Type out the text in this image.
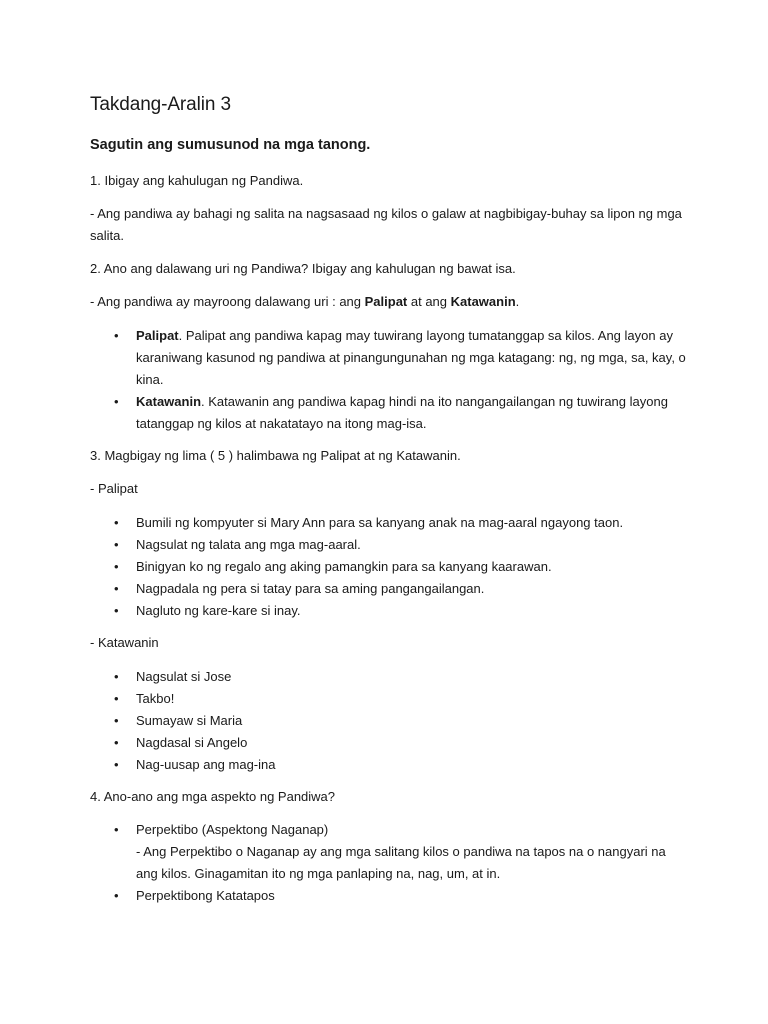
Takdang-Aralin 3
Sagutin ang sumusunod na mga tanong.

1. Ibigay ang kahulugan ng Pandiwa.

- Ang pandiwa ay bahagi ng salita na nagsasaad ng kilos o galaw at nagbibigay-buhay sa lipon ng mga salita.

2. Ano ang dalawang uri ng Pandiwa? Ibigay ang kahulugan ng bawat isa.

- Ang pandiwa ay mayroong dalawang uri : ang Palipat at ang Katawanin.

• Palipat. Palipat ang pandiwa kapag may tuwirang layong tumatanggap sa kilos. Ang layon ay karaniwang kasunod ng pandiwa at pinangungunahan ng mga katagang: ng, ng mga, sa, kay, o kina.
• Katawanin. Katawanin ang pandiwa kapag hindi na ito nangangailangan ng tuwirang layong tatanggap ng kilos at nakatatayo na itong mag-isa.

3. Magbigay ng lima ( 5 ) halimbawa ng Palipat at ng Katawanin.

- Palipat

• Bumili ng kompyuter si Mary Ann para sa kanyang anak na mag-aaral ngayong taon.
• Nagsulat ng talata ang mga mag-aaral.
• Binigyan ko ng regalo ang aking pamangkin para sa kanyang kaarawan.
• Nagpadala ng pera si tatay para sa aming pangangailangan.
• Nagluto ng kare-kare si inay.

- Katawanin

• Nagsulat si Jose
• Takbo!
• Sumayaw si Maria
• Nagdasal si Angelo
• Nag-uusap ang mag-ina

4. Ano-ano ang mga aspekto ng Pandiwa?

• Perpektibo (Aspektong Naganap)
- Ang Perpektibo o Naganap ay ang mga salitang kilos o pandiwa na tapos na o nangyari na ang kilos. Ginagamitan ito ng mga panlaping na, nag, um, at in.
• Perpektibong Katatapos
